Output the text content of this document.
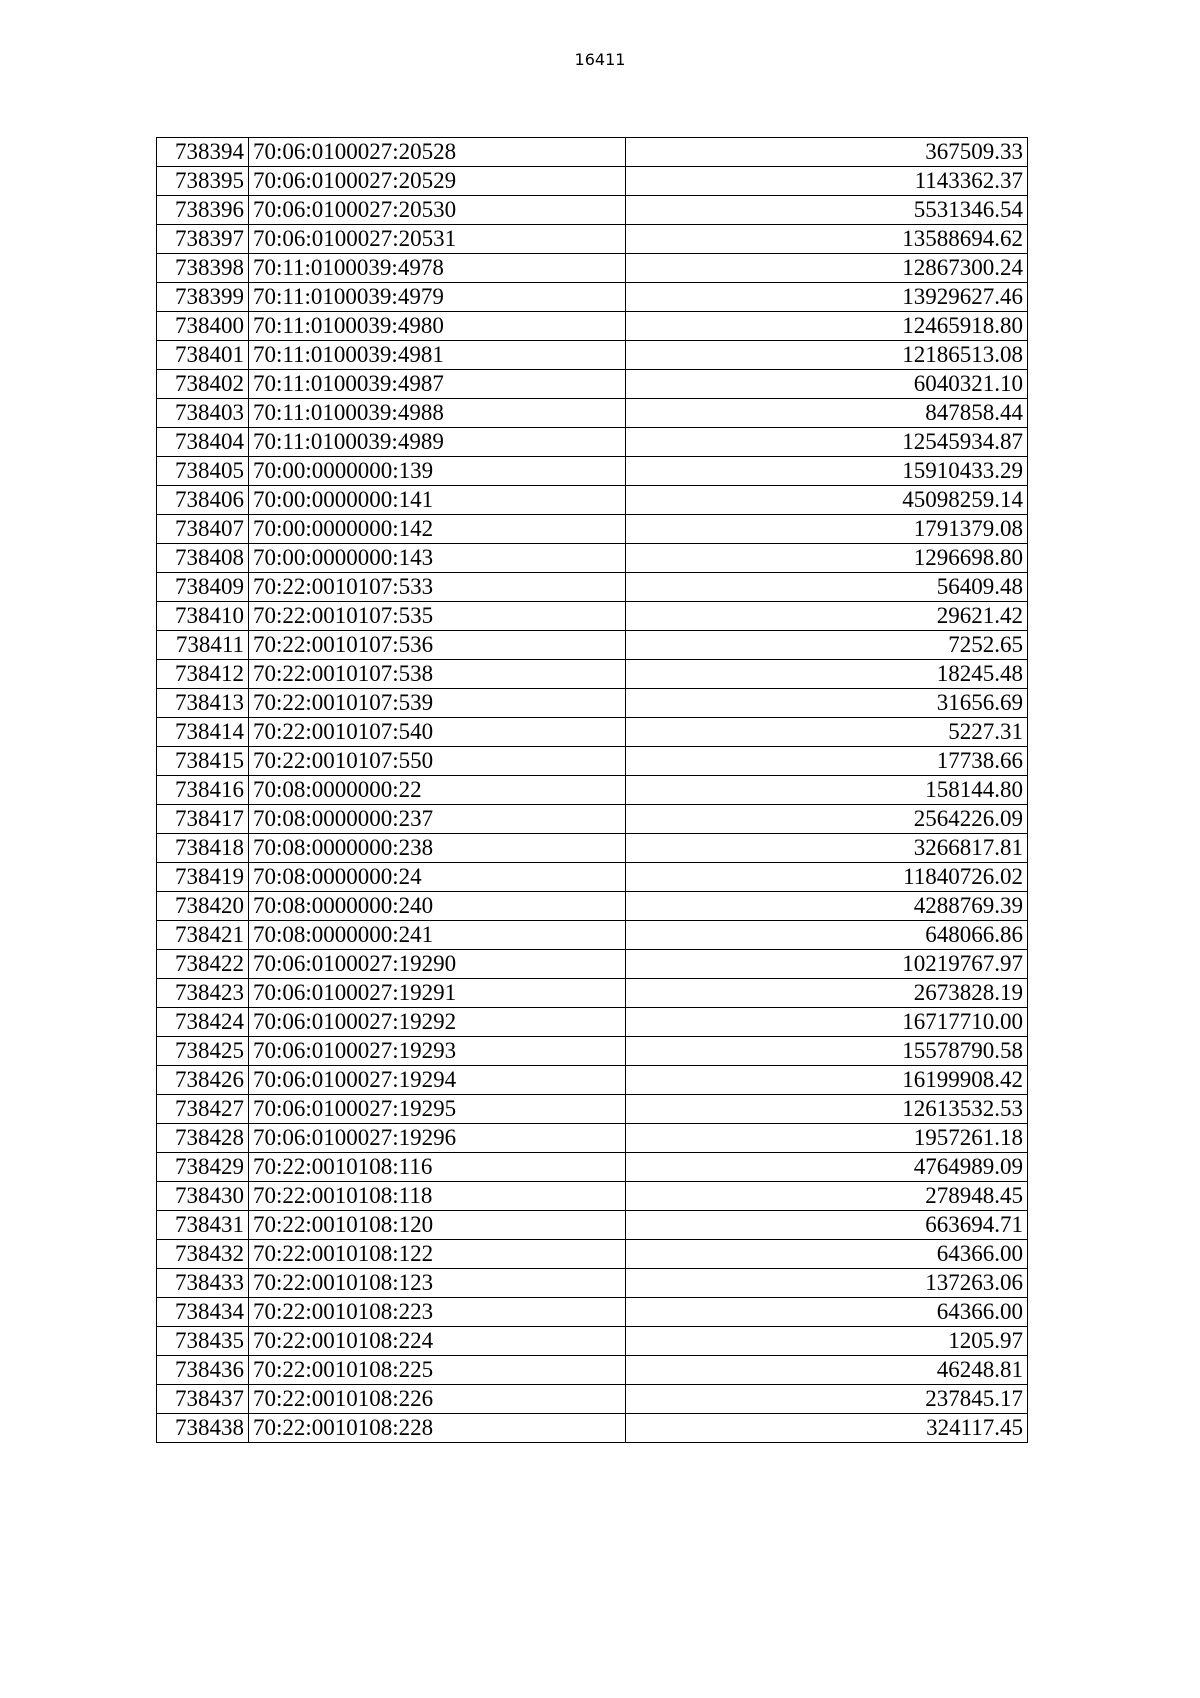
16411
738394	70:06:0100027:20528	367509.33
738395	70:06:0100027:20529	1143362.37
738396	70:06:0100027:20530	5531346.54
738397	70:06:0100027:20531	13588694.62
738398	70:11:0100039:4978	12867300.24
738399	70:11:0100039:4979	13929627.46
738400	70:11:0100039:4980	12465918.80
738401	70:11:0100039:4981	12186513.08
738402	70:11:0100039:4987	6040321.10
738403	70:11:0100039:4988	847858.44
738404	70:11:0100039:4989	12545934.87
738405	70:00:0000000:139	15910433.29
738406	70:00:0000000:141	45098259.14
738407	70:00:0000000:142	1791379.08
738408	70:00:0000000:143	1296698.80
738409	70:22:0010107:533	56409.48
738410	70:22:0010107:535	29621.42
738411	70:22:0010107:536	7252.65
738412	70:22:0010107:538	18245.48
738413	70:22:0010107:539	31656.69
738414	70:22:0010107:540	5227.31
738415	70:22:0010107:550	17738.66
738416	70:08:0000000:22	158144.80
738417	70:08:0000000:237	2564226.09
738418	70:08:0000000:238	3266817.81
738419	70:08:0000000:24	11840726.02
738420	70:08:0000000:240	4288769.39
738421	70:08:0000000:241	648066.86
738422	70:06:0100027:19290	10219767.97
738423	70:06:0100027:19291	2673828.19
738424	70:06:0100027:19292	16717710.00
738425	70:06:0100027:19293	15578790.58
738426	70:06:0100027:19294	16199908.42
738427	70:06:0100027:19295	12613532.53
738428	70:06:0100027:19296	1957261.18
738429	70:22:0010108:116	4764989.09
738430	70:22:0010108:118	278948.45
738431	70:22:0010108:120	663694.71
738432	70:22:0010108:122	64366.00
738433	70:22:0010108:123	137263.06
738434	70:22:0010108:223	64366.00
738435	70:22:0010108:224	1205.97
738436	70:22:0010108:225	46248.81
738437	70:22:0010108:226	237845.17
738438	70:22:0010108:228	324117.45
